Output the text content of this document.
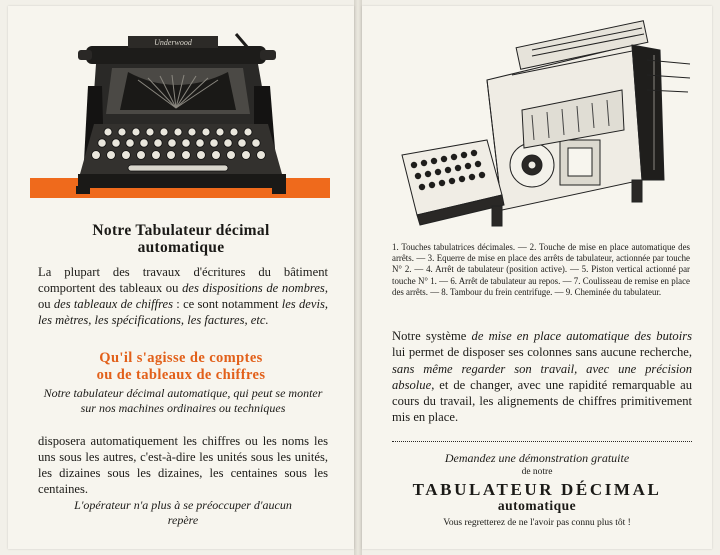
Underwood
Notre Tabulateur décimal
automatique
La plupart des travaux d'écritures du bâtiment comportent des tableaux ou des dispositions de nombres, ou des tableaux de chiffres : ce sont notamment les devis, les mètres, les spécifications, les factures, etc.
Qu'il s'agisse de comptes
ou de tableaux de chiffres
Notre tabulateur décimal automatique, qui peut se monter sur nos machines ordinaires ou techniques
disposera automatiquement les chiffres ou les noms les uns sous les autres, c'est-à-dire les unités sous les unités, les dizaines sous les dizaines, les centaines sous les centaines.
L'opérateur n'a plus à se préoccuper d'aucun repère
1. Touches tabulatrices décimales. — 2. Touche de mise en place automatique des arrêts. — 3. Equerre de mise en place des arrêts de tabulateur, actionnée par touche N° 2. — 4. Arrêt de tabulateur (position active). — 5. Piston vertical actionné par touche N° 1. — 6. Arrêt de tabulateur au repos. — 7. Coulisseau de remise en place des arrêts. — 8. Tambour du frein centrifuge. — 9. Cheminée du tabulateur.
Notre système de mise en place automatique des butoirs lui permet de disposer ses colonnes sans aucune recherche, sans même regarder son travail, avec une précision absolue, et de changer, avec une rapidité remarquable au cours du travail, les alignements de chiffres primitivement mis en place.
Demandez une démonstration gratuite
de notre
TABULATEUR DÉCIMAL
automatique
Vous regretterez de ne l'avoir pas connu plus tôt !
